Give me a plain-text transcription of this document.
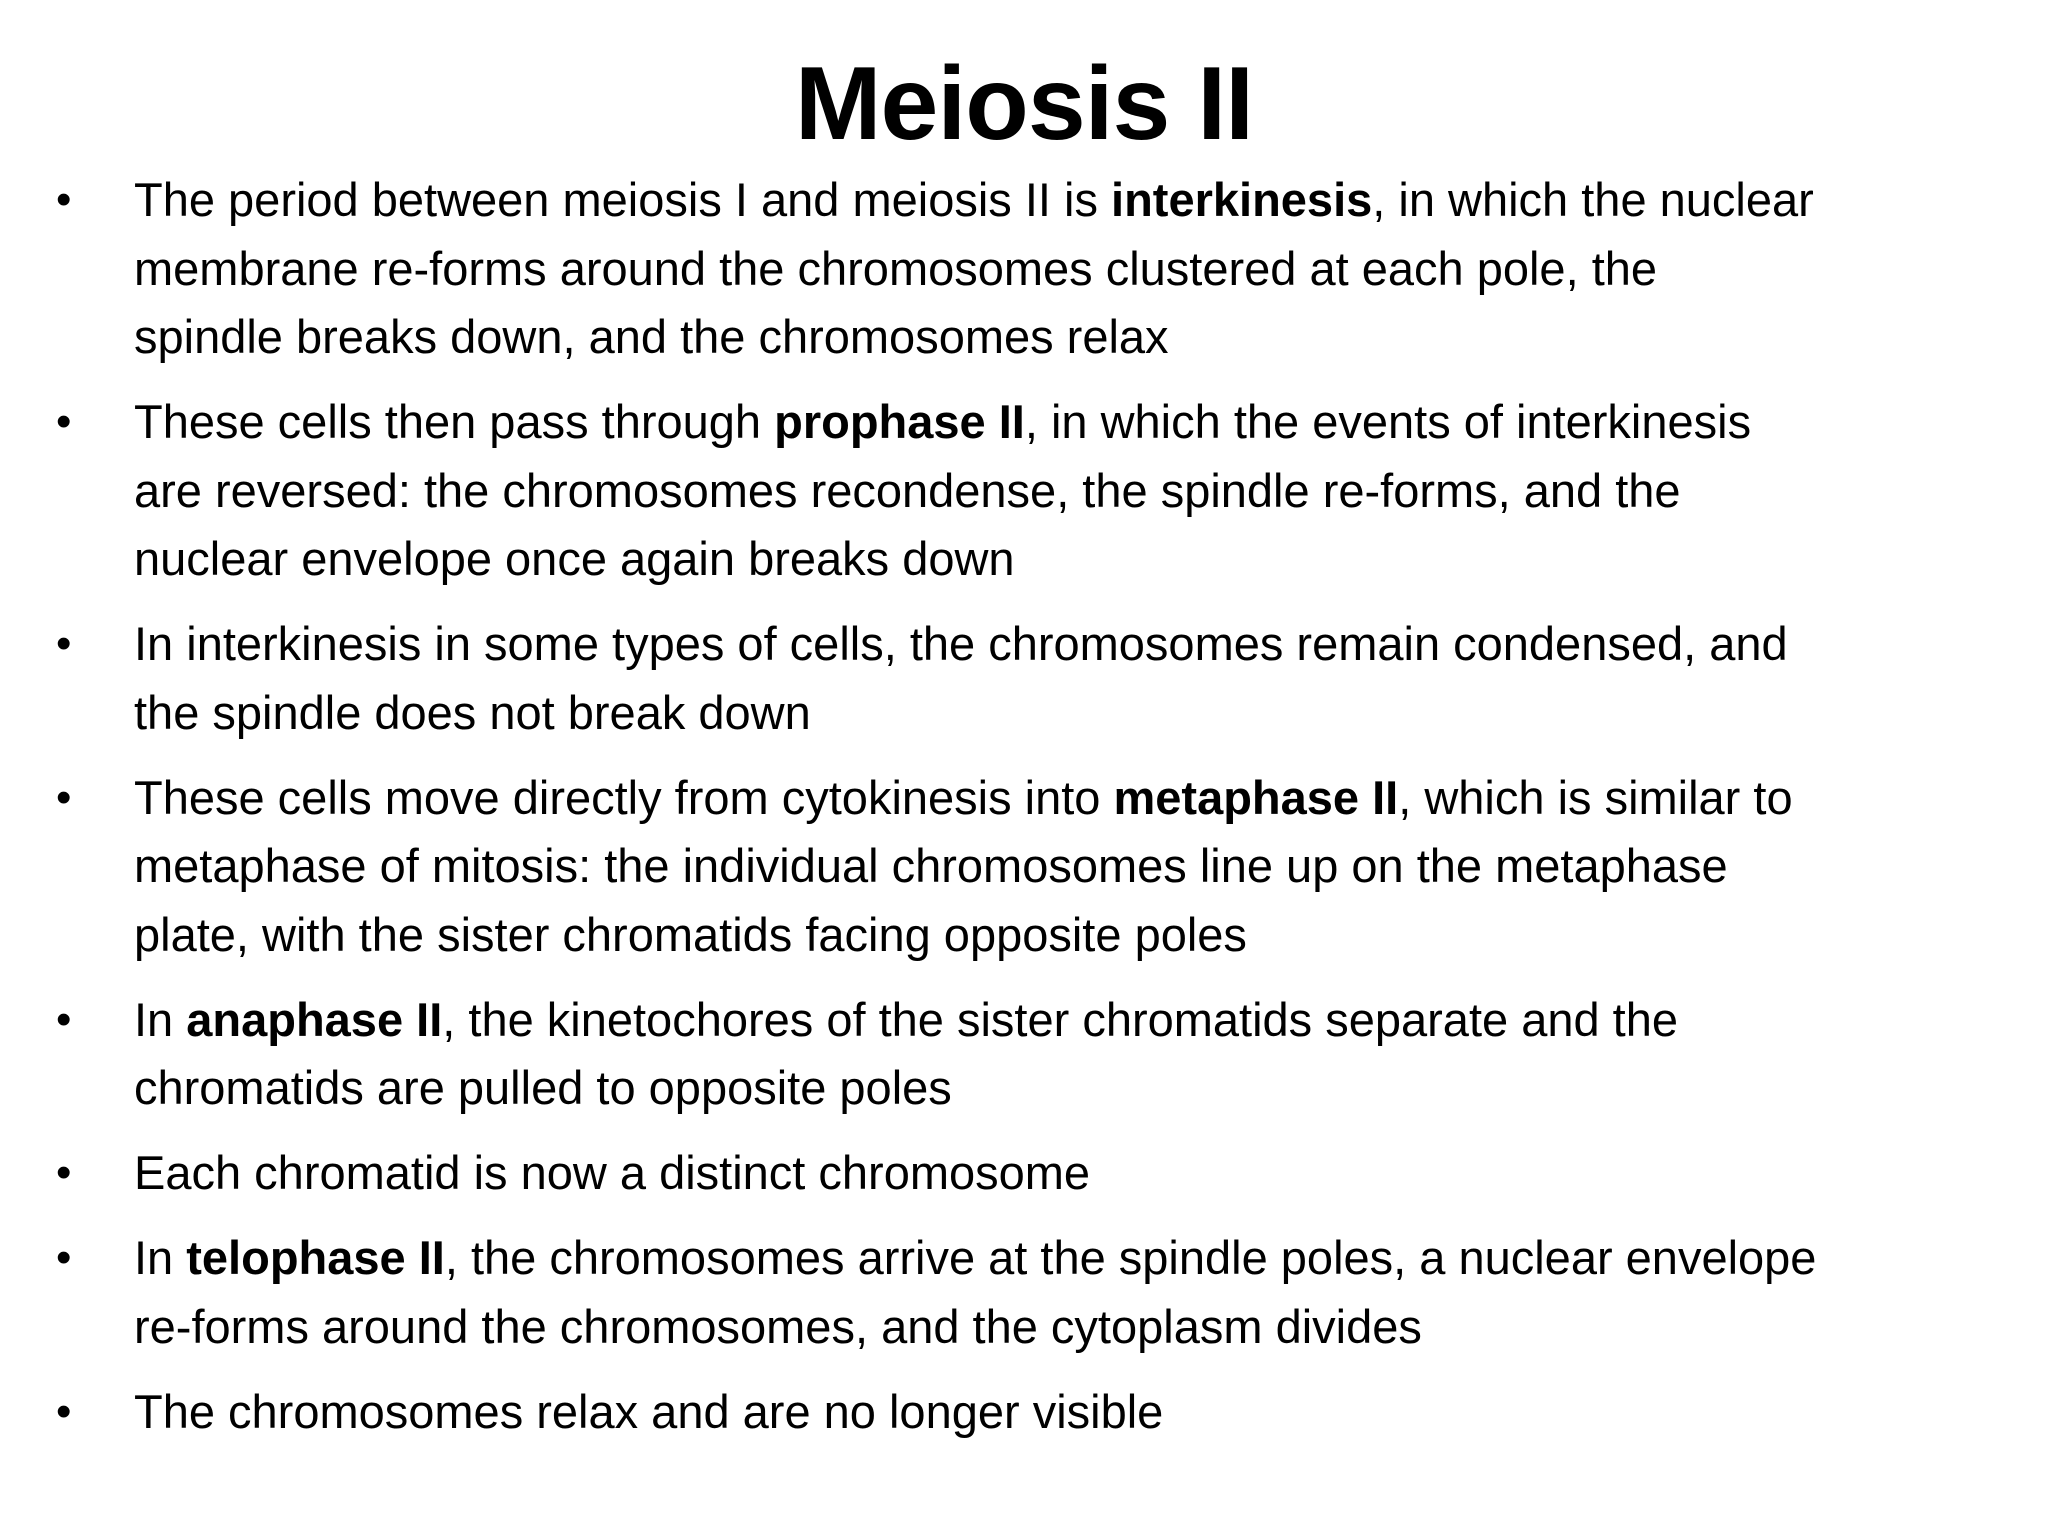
Meiosis II
•	The period between meiosis I and meiosis II is interkinesis, in which the nuclear
membrane re-forms around the chromosomes clustered at each pole, the
spindle breaks down, and the chromosomes relax
•	These cells then pass through prophase II, in which the events of interkinesis
are reversed: the chromosomes recondense, the spindle re-forms, and the
nuclear envelope once again breaks down
•	In interkinesis in some types of cells, the chromosomes remain condensed, and
the spindle does not break down
•	These cells move directly from cytokinesis into metaphase II, which is similar to
metaphase of mitosis: the individual chromosomes line up on the metaphase
plate, with the sister chromatids facing opposite poles
•	In anaphase II, the kinetochores of the sister chromatids separate and the
chromatids are pulled to opposite poles
•	Each chromatid is now a distinct chromosome
•	In telophase II, the chromosomes arrive at the spindle poles, a nuclear envelope
re-forms around the chromosomes, and the cytoplasm divides
•	The chromosomes relax and are no longer visible
